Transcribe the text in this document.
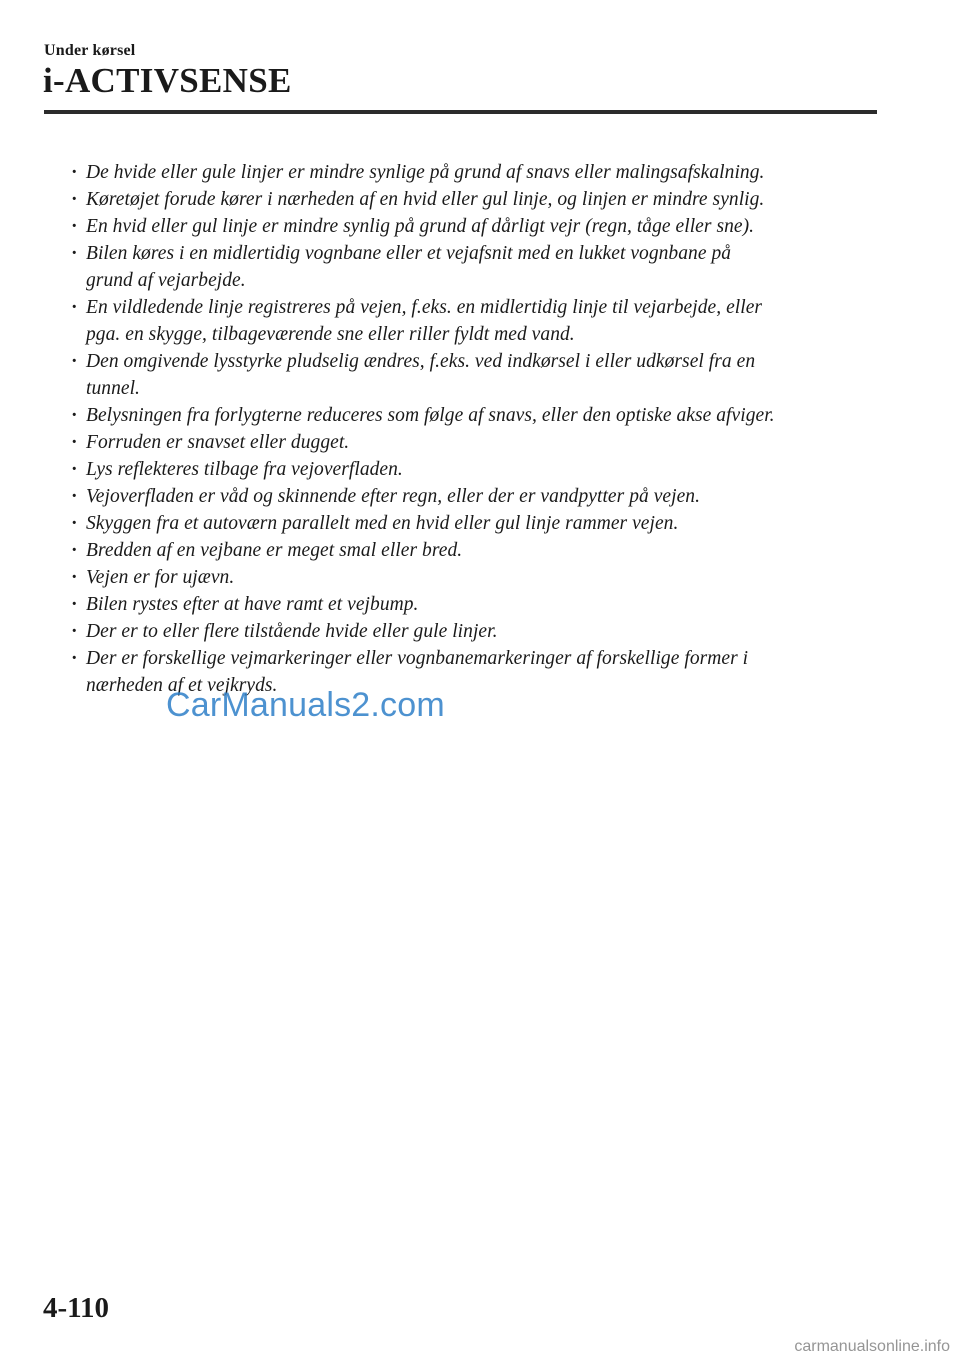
Under kørsel
i-ACTIVSENSE
· De hvide eller gule linjer er mindre synlige på grund af snavs eller malingsafskalning.
· Køretøjet forude kører i nærheden af en hvid eller gul linje, og linjen er mindre synlig.
· En hvid eller gul linje er mindre synlig på grund af dårligt vejr (regn, tåge eller sne).
· Bilen køres i en midlertidig vognbane eller et vejafsnit med en lukket vognbane på
grund af vejarbejde.
· En vildledende linje registreres på vejen, f.eks. en midlertidig linje til vejarbejde, eller
pga. en skygge, tilbageværende sne eller riller fyldt med vand.
· Den omgivende lysstyrke pludselig ændres, f.eks. ved indkørsel i eller udkørsel fra en
tunnel.
· Belysningen fra forlygterne reduceres som følge af snavs, eller den optiske akse afviger.
· Forruden er snavset eller dugget.
· Lys reflekteres tilbage fra vejoverfladen.
· Vejoverfladen er våd og skinnende efter regn, eller der er vandpytter på vejen.
· Skyggen fra et autoværn parallelt med en hvid eller gul linje rammer vejen.
· Bredden af en vejbane er meget smal eller bred.
· Vejen er for ujævn.
· Bilen rystes efter at have ramt et vejbump.
· Der er to eller flere tilstående hvide eller gule linjer.
· Der er forskellige vejmarkeringer eller vognbanemarkeringer af forskellige former i
nærheden af et vejkryds.
CarManuals2.com
4-110
carmanualsonline.info
